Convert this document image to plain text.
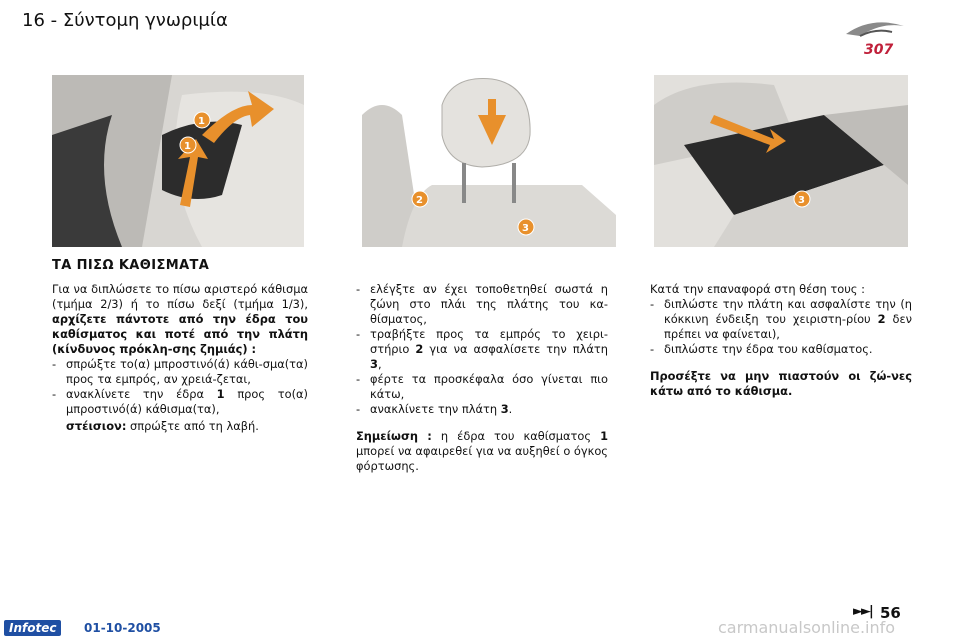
16 - Σύντομη γνωριμία
307
1
1
2
3
3
ΤΑ ΠΙΣΩ ΚΑΘΙΣΜΑΤΑ

Για να διπλώσετε το πίσω αριστερό κάθισμα (τμήμα 2/3) ή το πίσω δεξί (τμήμα 1/3), αρχίζετε πάντοτε από την έδρα του καθίσματος και ποτέ από την πλάτη (κίνδυνος πρόκλη-σης ζημιάς) :

- σπρώξτε το(α) μπροστινό(ά) κάθι-σμα(τα) προς τα εμπρός, αν χρειά-ζεται,

- ανακλίνετε την έδρα 1 προς το(α) μπροστινό(ά) κάθισμα(τα),

στέισιον: σπρώξτε από τη λαβή.

- ελέγξτε αν έχει τοποθετηθεί σωστά η ζώνη στο πλάι της πλάτης του κα-θίσματος,

- τραβήξτε προς τα εμπρός το χειρι-στήριο 2 για να ασφαλίσετε την πλάτη 3,

- φέρτε τα προσκέφαλα όσο γίνεται πιο κάτω,

- ανακλίνετε την πλάτη 3.

Σημείωση : η έδρα του καθίσματος 1 μπορεί να αφαιρεθεί για να αυξηθεί ο όγκος φόρτωσης.

Κατά την επαναφορά στη θέση τους :

- διπλώστε την πλάτη και ασφαλίστε την (η κόκκινη ένδειξη του χειριστη-ρίου 2 δεν πρέπει να φαίνεται),

- διπλώστε την έδρα του καθίσματος.

Προσέξτε να μην πιαστούν οι ζώ-νες κάτω από το κάθισμα.

►►| 56
Infotec	01-10-2005	carmanualsonline.info
